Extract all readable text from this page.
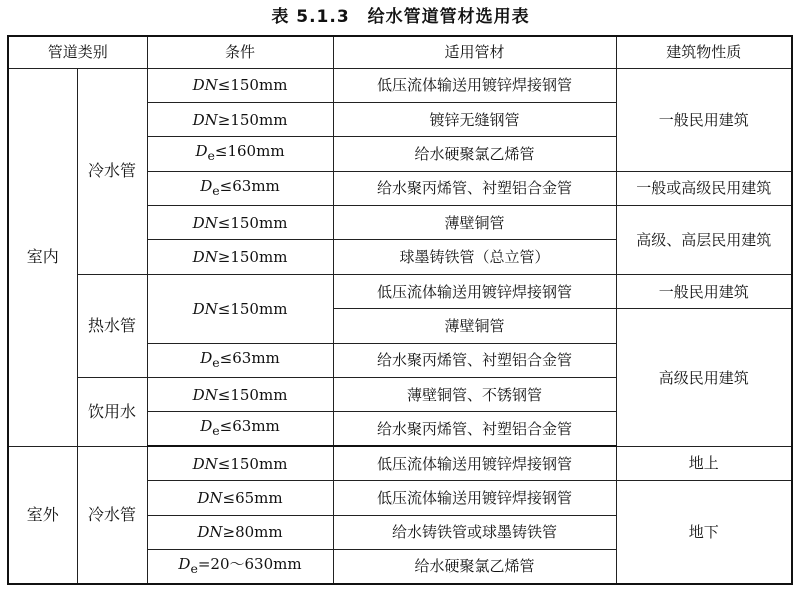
表 5.1.3　给水管道管材选用表
管道类别		条件	适用管材	建筑物性质
室内	冷水管	DN≤150mm	低压流体输送用镀锌焊接钢管	一般民用建筑
		DN≥150mm	镀锌无缝钢管	
		$D_e\le 160mm$	给水硬聚氯乙烯管	
		$D_e\le 63mm$	给水聚丙烯管、衬塑铝合金管	一般或高级民用建筑
		DN≤150mm	薄壁铜管	高级、高层民用建筑
		DN≥150mm	球墨铸铁管（总立管）	
	热水管	DN≤150mm	低压流体输送用镀锌焊接钢管	一般民用建筑
			薄壁铜管	高级民用建筑
		$D_e\le 63mm$	给水聚丙烯管、衬塑铝合金管	
	饮用水	DN≤150mm	薄壁铜管、不锈钢管	
		$D_e\le 63mm$	给水聚丙烯管、衬塑铝合金管	
室外	冷水管	DN≤150mm	低压流体输送用镀锌焊接钢管	地上
		DN≤65mm	低压流体输送用镀锌焊接钢管	地下
		DN≥80mm	给水铸铁管或球墨铸铁管	
		$D_e=20\sim 630mm$	给水硬聚氯乙烯管	
